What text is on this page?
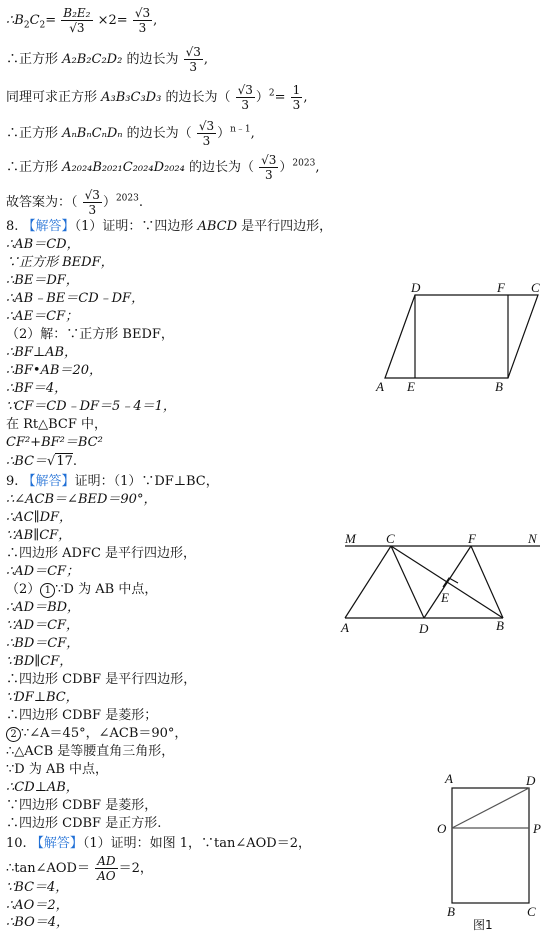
$\therefore B_2C_2= \frac{\text{B₂E₂}}{√3} \times 2= \frac{√3}{3}$ ,
∴正方形 A₂B₂C₂D₂ 的边长为 $\frac{√3}{3}$ ,
同理可求正方形 A₃B₃C₃D₃ 的边长为（ $\frac{√3}{3} )^2= \frac{1}{3}$ ,
∴正方形 AₙBₙCₙDₙ 的边长为（ $\frac{√3}{3} )^{n﹣1}$,
∴正方形 A₂₀₂₄B₂₀₂₁C₂₀₂₄D₂₀₂₄ 的边长为（ $\frac{√3}{3} )^{2023}$,
故答案为：（ $\frac{√3}{3} )^{2023}$.
8. 【解答】（1）证明：∵四边形 ABCD 是平行四边形，
∴AB＝CD，
∵正方形 BEDF，
∴BE＝DF，
∴AB﹣BE＝CD﹣DF，
∴AE＝CF；
（2）解：∵正方形 BEDF，
∴BF⊥AB，
∴BF•AB＝20，
∴BF＝4，
∵CF＝CD﹣DF＝5﹣4＝1，
在 Rt△BCF 中，
CF²+BF²＝BC²
∴BC＝√17.
9. 【解答】证明：（1）∵DF⊥BC，
∴∠ACB＝∠BED＝90°，
∴AC∥DF，
∵AB∥CF，
∴四边形 ADFC 是平行四边形，
∴AD＝CF；
（2） 1 ∵D 为 AB 中点，
∴AD＝BD，
∵AD＝CF，
∴BD＝CF，
∵BD∥CF，
∴四边形 CDBF 是平行四边形，
∵DF⊥BC，
∴四边形 CDBF 是菱形；
2 ∵∠A＝45°，∠ACB＝90°，
∴△ACB 是等腰直角三角形，
∵D 为 AB 中点，
∴CD⊥AB，
∵四边形 CDBF 是菱形，
∴四边形 CDBF 是正方形.
10. 【解答】（1）证明：如图 1，∵tan∠AOD＝2，
∴tan∠AOD＝ $\frac{AD}{AO} =2$，
∵BC＝4，
∴AO＝2，
∴BO＝4，
D	F C
A E	B
M C	F	N
E
A	D	B
A	D
O	P
B	C
图1
